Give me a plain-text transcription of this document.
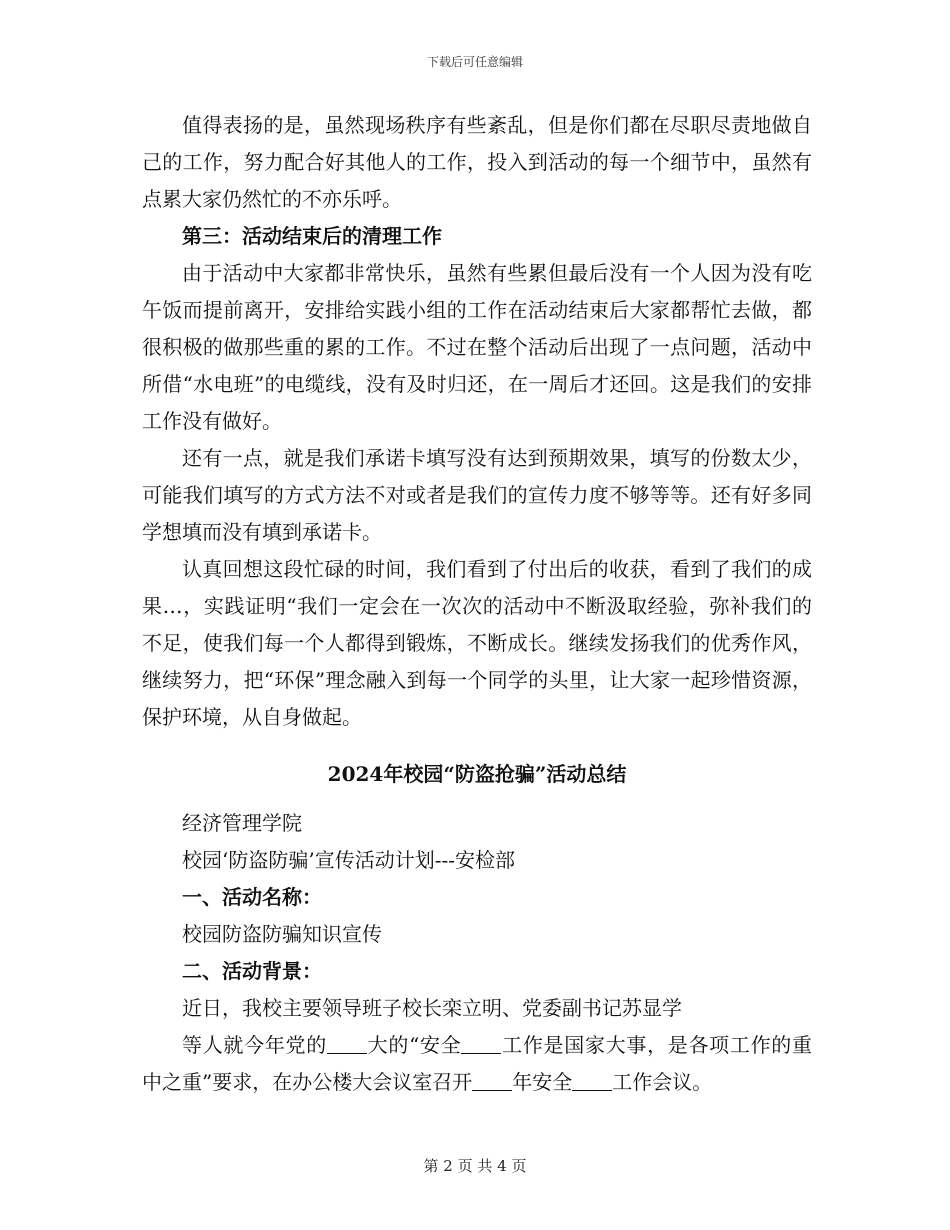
下载后可任意编辑

值得表扬的是，虽然现场秩序有些紊乱，但是你们都在尽职尽责地做自己的工作，努力配合好其他人的工作，投入到活动的每一个细节中，虽然有点累大家仍然忙的不亦乐呼。

第三：活动结束后的清理工作

由于活动中大家都非常快乐，虽然有些累但最后没有一个人因为没有吃午饭而提前离开，安排给实践小组的工作在活动结束后大家都帮忙去做，都很积极的做那些重的累的工作。不过在整个活动后出现了一点问题，活动中所借“水电班”的电缆线，没有及时归还，在一周后才还回。这是我们的安排工作没有做好。

还有一点，就是我们承诺卡填写没有达到预期效果，填写的份数太少，可能我们填写的方式方法不对或者是我们的宣传力度不够等等。还有好多同学想填而没有填到承诺卡。

认真回想这段忙碌的时间，我们看到了付出后的收获，看到了我们的成果…，实践证明“我们一定会在一次次的活动中不断汲取经验，弥补我们的不足，使我们每一个人都得到锻炼，不断成长。继续发扬我们的优秀作风，继续努力，把“环保”理念融入到每一个同学的头里，让大家一起珍惜资源，保护环境，从自身做起。

2024年校园“防盗抢骗”活动总结

经济管理学院

校园‘防盗防骗’宣传活动计划---安检部

一、活动名称：

校园防盗防骗知识宣传

二、活动背景：

近日，我校主要领导班子校长栾立明、党委副书记苏显学

等人就今年党的 大的“安全 工作是国家大事，是各项工作的重中之重”要求，在办公楼大会议室召开 年安全 工作会议。

第 2 页 共 4 页
